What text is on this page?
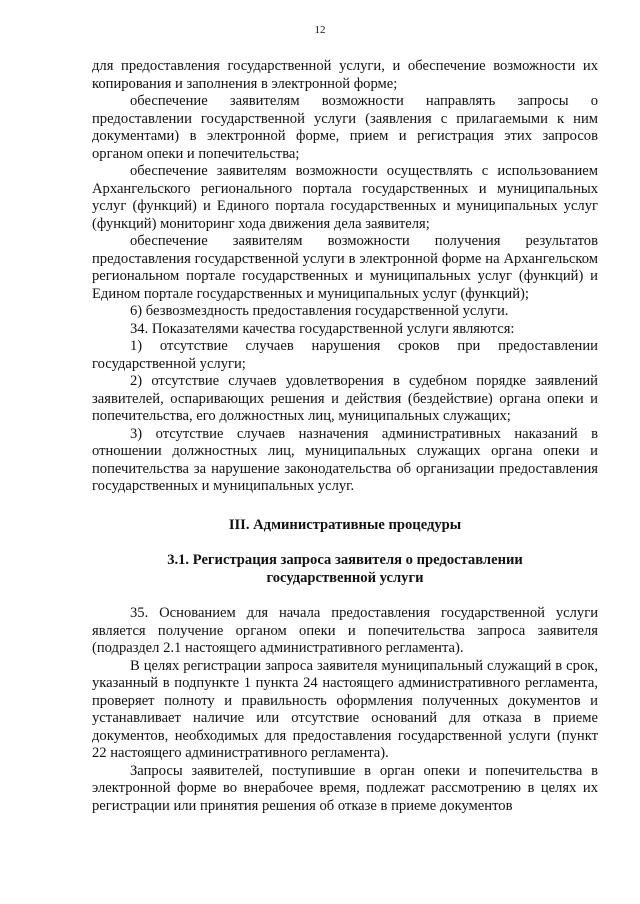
12

для предоставления государственной услуги, и обеспечение возможности их копирования и заполнения в электронной форме;

обеспечение заявителям возможности направлять запросы о предоставлении государственной услуги (заявления с прилагаемыми к ним документами) в электронной форме, прием и регистрация этих запросов органом опеки и попечительства;

обеспечение заявителям возможности осуществлять с использованием Архангельского регионального портала государственных и муниципальных услуг (функций) и Единого портала государственных и муниципальных услуг (функций) мониторинг хода движения дела заявителя;

обеспечение заявителям возможности получения результатов предоставления государственной услуги в электронной форме на Архангельском региональном портале государственных и муниципальных услуг (функций) и Едином портале государственных и муниципальных услуг (функций);

6) безвозмездность предоставления государственной услуги.

34. Показателями качества государственной услуги являются:

1) отсутствие случаев нарушения сроков при предоставлении государственной услуги;

2) отсутствие случаев удовлетворения в судебном порядке заявлений заявителей, оспаривающих решения и действия (бездействие) органа опеки и попечительства, его должностных лиц, муниципальных служащих;

3) отсутствие случаев назначения административных наказаний в отношении должностных лиц, муниципальных служащих органа опеки и попечительства за нарушение законодательства об организации предоставления государственных и муниципальных услуг.

III. Административные процедуры

3.1. Регистрация запроса заявителя о предоставлении

государственной услуги

35. Основанием для начала предоставления государственной услуги является получение органом опеки и попечительства запроса заявителя (подраздел 2.1 настоящего административного регламента).

В целях регистрации запроса заявителя муниципальный служащий в срок, указанный в подпункте 1 пункта 24 настоящего административного регламента, проверяет полноту и правильность оформления полученных документов и устанавливает наличие или отсутствие оснований для отказа в приеме документов, необходимых для предоставления государственной услуги (пункт 22 настоящего административного регламента).

Запросы заявителей, поступившие в орган опеки и попечительства в электронной форме во внерабочее время, подлежат рассмотрению в целях их регистрации или принятия решения об отказе в приеме документов
